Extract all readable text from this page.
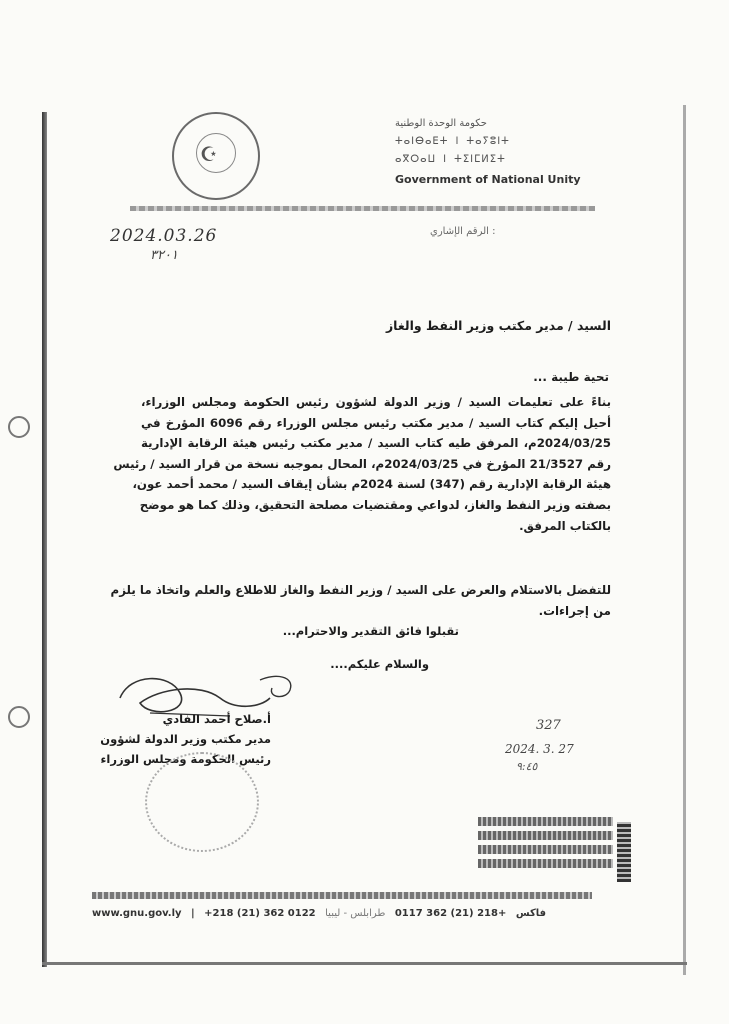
☪
حكومة الوحدة الوطنية
ⵜⴰⵏⴱⴰⴹⵜ ⵏ ⵜⴰⵢⵓⵏⵜ
ⴰⴳⵔⴰⵡ ⵏ ⵜⵉⵏⵎⵍⵉⵜ
Government of National Unity
الرقم الإشاري :
2024.03.26
٣٢٠١
السيد / مدير مكتب وزير النفط والغاز
تحية طيبة ...
بناءً على تعليمات السيد / وزير الدولة لشؤون رئيس الحكومة ومجلس الوزراء،
أحيل إليكم كتاب السيد / مدير مكتب رئيس مجلس الوزراء رقم 6096 المؤرخ في
2024/03/25م، المرفق طيه كتاب السيد / مدير مكتب رئيس هيئة الرقابة الإدارية
رقم 21/3527 المؤرخ في 2024/03/25م، المحال بموجبه نسخة من قرار السيد / رئيس
هيئة الرقابة الإدارية رقم (347) لسنة 2024م بشأن إيقاف السيد / محمد أحمد عون،
بصفته وزير النفط والغاز، لدواعي ومقتضيات مصلحة التحقيق، وذلك كما هو موضح
بالكتاب المرفق.
للتفضل بالاستلام والعرض على السيد / وزير النفط والغاز للاطلاع والعلم واتخاذ ما يلزم
من إجراءات.
تقبلوا فائق التقدير والاحترام...
والسلام عليكم....
أ.صلاح أحمد الفادي
مدير مكتب وزير الدولة لشؤون
رئيس الحكومة ومجلس الوزراء
327
2024. 3. 27
٩:٤٥
www.gnu.gov.ly | +218 (21) 362 0122	فاكس +218 (21) 362 0117 ﻃﺮاﺑﻠﺲ - ﻟﻴﺒﻴﺎ
